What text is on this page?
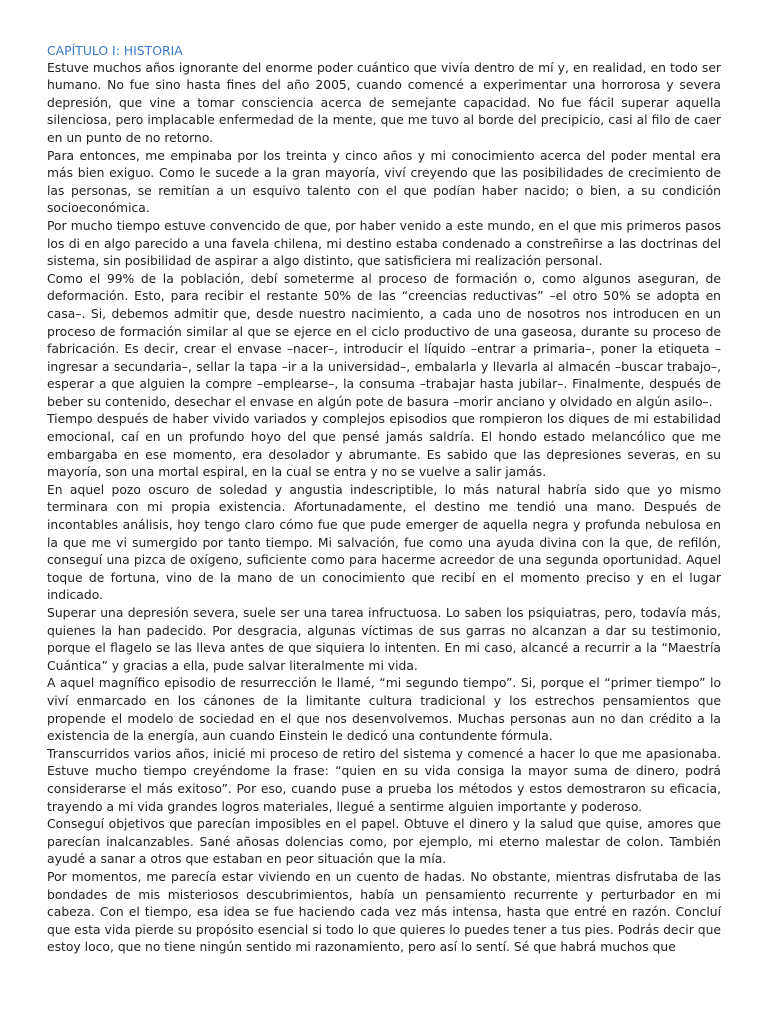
CAPÍTULO I: HISTORIA

Estuve muchos años ignorante del enorme poder cuántico que vivía dentro de mí y, en realidad, en todo ser humano. No fue sino hasta fines del año 2005, cuando comencé a experimentar una horrorosa y severa depresión, que vine a tomar consciencia acerca de semejante capacidad. No fue fácil superar aquella silenciosa, pero implacable enfermedad de la mente, que me tuvo al borde del precipicio, casi al filo de caer en un punto de no retorno.

Para entonces, me empinaba por los treinta y cinco años y mi conocimiento acerca del poder mental era más bien exiguo. Como le sucede a la gran mayoría, viví creyendo que las posibilidades de crecimiento de las personas, se remitían a un esquivo talento con el que podían haber nacido; o bien, a su condición socioeconómica.

Por mucho tiempo estuve convencido de que, por haber venido a este mundo, en el que mis primeros pasos los di en algo parecido a una favela chilena, mi destino estaba condenado a constreñirse a las doctrinas del sistema, sin posibilidad de aspirar a algo distinto, que satisficiera mi realización personal.

Como el 99% de la población, debí someterme al proceso de formación o, como algunos aseguran, de deformación. Esto, para recibir el restante 50% de las “creencias reductivas” –el otro 50% se adopta en casa–. Si, debemos admitir que, desde nuestro nacimiento, a cada uno de nosotros nos introducen en un proceso de formación similar al que se ejerce en el ciclo productivo de una gaseosa, durante su proceso de fabricación. Es decir, crear el envase –nacer–, introducir el líquido –entrar a primaria–, poner la etiqueta –ingresar a secundaria–, sellar la tapa –ir a la universidad–, embalarla y llevarla al almacén –buscar trabajo–, esperar a que alguien la compre –emplearse–, la consuma –trabajar hasta jubilar–. Finalmente, después de beber su contenido, desechar el envase en algún pote de basura –morir anciano y olvidado en algún asilo–.

Tiempo después de haber vivido variados y complejos episodios que rompieron los diques de mi estabilidad emocional, caí en un profundo hoyo del que pensé jamás saldría. El hondo estado melancólico que me embargaba en ese momento, era desolador y abrumante. Es sabido que las depresiones severas, en su mayoría, son una mortal espiral, en la cual se entra y no se vuelve a salir jamás.

En aquel pozo oscuro de soledad y angustia indescriptible, lo más natural habría sido que yo mismo terminara con mi propia existencia. Afortunadamente, el destino me tendió una mano. Después de incontables análisis, hoy tengo claro cómo fue que pude emerger de aquella negra y profunda nebulosa en la que me vi sumergido por tanto tiempo. Mi salvación, fue como una ayuda divina con la que, de refilón, conseguí una pizca de oxígeno, suficiente como para hacerme acreedor de una segunda oportunidad. Aquel toque de fortuna, vino de la mano de un conocimiento que recibí en el momento preciso y en el lugar indicado.

Superar una depresión severa, suele ser una tarea infructuosa. Lo saben los psiquiatras, pero, todavía más, quienes la han padecido. Por desgracia, algunas víctimas de sus garras no alcanzan a dar su testimonio, porque el flagelo se las lleva antes de que siquiera lo intenten. En mi caso, alcancé a recurrir a la “Maestría Cuántica” y gracias a ella, pude salvar literalmente mi vida.

A aquel magnífico episodio de resurrección le llamé, “mi segundo tiempo”. Si, porque el “primer tiempo” lo viví enmarcado en los cánones de la limitante cultura tradicional y los estrechos pensamientos que propende el modelo de sociedad en el que nos desenvolvemos. Muchas personas aun no dan crédito a la existencia de la energía, aun cuando Einstein le dedicó una contundente fórmula.

Transcurridos varios años, inicié mi proceso de retiro del sistema y comencé a hacer lo que me apasionaba. Estuve mucho tiempo creyéndome la frase: “quien en su vida consiga la mayor suma de dinero, podrá considerarse el más exitoso”. Por eso, cuando puse a prueba los métodos y estos demostraron su eficacia, trayendo a mi vida grandes logros materiales, llegué a sentirme alguien importante y poderoso.

Conseguí objetivos que parecían imposibles en el papel. Obtuve el dinero y la salud que quise, amores que parecían inalcanzables. Sané añosas dolencias como, por ejemplo, mi eterno malestar de colon. También ayudé a sanar a otros que estaban en peor situación que la mía.

Por momentos, me parecía estar viviendo en un cuento de hadas. No obstante, mientras disfrutaba de las bondades de mis misteriosos descubrimientos, había un pensamiento recurrente y perturbador en mi cabeza. Con el tiempo, esa idea se fue haciendo cada vez más intensa, hasta que entré en razón. Concluí que esta vida pierde su propósito esencial si todo lo que quieres lo puedes tener a tus pies. Podrás decir que estoy loco, que no tiene ningún sentido mi razonamiento, pero así lo sentí. Sé que habrá muchos que
